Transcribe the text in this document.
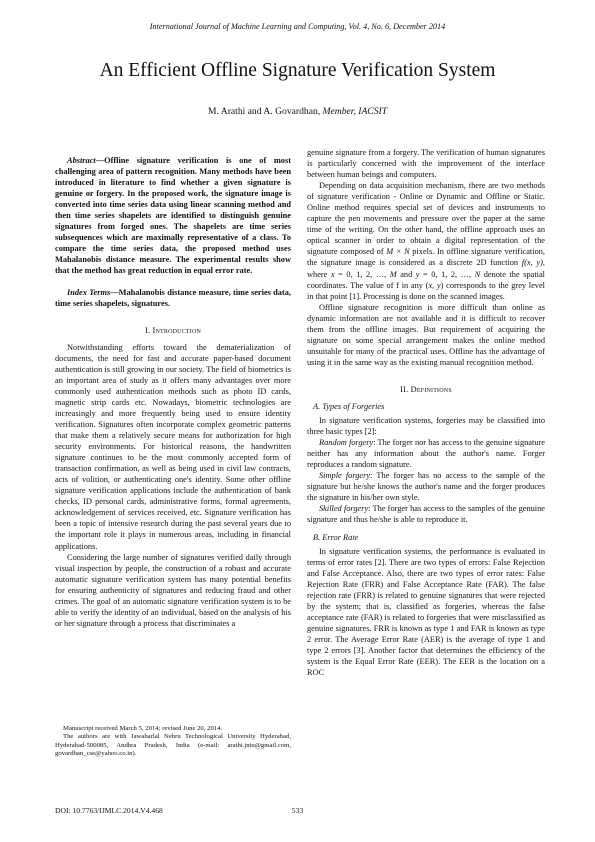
International Journal of Machine Learning and Computing, Vol. 4, No. 6, December 2014
An Efficient Offline Signature Verification System
M. Arathi and A. Govardhan, Member, IACSIT

Abstract—Offline signature verification is one of most challenging area of pattern recognition. Many methods have been introduced in literature to find whether a given signature is genuine or forgery. In the proposed work, the signature image is converted into time series data using linear scanning method and then time series shapelets are identified to distinguish genuine signatures from forged ones. The shapelets are time series subsequences which are maximally representative of a class. To compare the time series data, the proposed method uses Mahalanobis distance measure. The experimental results show that the method has great reduction in equal error rate.

Index Terms—Mahalanobis distance measure, time series data, time series shapelets, signatures.

I. Introduction

Notwithstanding efforts toward the dematerialization of documents, the need for fast and accurate paper-based document authentication is still growing in our society. The field of biometrics is an important area of study as it offers many advantages over more commonly used authentication methods such as photo ID cards, magnetic strip cards etc. Nowadays, biometric technologies are increasingly and more frequently being used to ensure identity verification. Signatures often incorporate complex geometric patterns that make them a relatively secure means for authorization for high security environments. For historical reasons, the handwritten signature continues to be the most commonly accepted form of transaction confirmation, as well as being used in civil law contracts, acts of volition, or authenticating one's identity. Some other offline signature verification applications include the authentication of bank checks, ID personal cards, administrative forms, formal agreements, acknowledgement of services received, etc. Signature verification has been a topic of intensive research during the past several years due to the important role it plays in numerous areas, including in financial applications.

Considering the large number of signatures verified daily through visual inspection by people, the construction of a robust and accurate automatic signature verification system has many potential benefits for ensuring authenticity of signatures and reducing fraud and other crimes. The goal of an automatic signature verification system is to be able to verify the identity of an individual, based on the analysis of his or her signature through a process that discriminates a

genuine signature from a forgery. The verification of human signatures is particularly concerned with the improvement of the interface between human beings and computers.

Depending on data acquisition mechanism, there are two methods of signature verification - Online or Dynamic and Offline or Static. Online method requires special set of devices and instruments to capture the pen movements and pressure over the paper at the same time of the writing. On the other hand, the offline approach uses an optical scanner in order to obtain a digital representation of the signature composed of M × N pixels. In offline signature verification, the signature image is considered as a discrete 2D function f(x, y), where x = 0, 1, 2, …, M and y = 0, 1, 2, …, N denote the spatial coordinates. The value of f in any (x, y) corresponds to the grey level in that point [1]. Processing is done on the scanned images.

Offline signature recognition is more difficult than online as dynamic information are not available and it is difficult to recover them from the offline images. But requirement of acquiring the signature on some special arrangement makes the online method unsuitable for many of the practical uses. Offline has the advantage of using it in the same way as the existing manual recognition method.

II. Definitions
A. Types of Forgeries

In signature verification systems, forgeries may be classified into three basic types [2]:

Random forgery: The forger nor has access to the genuine signature neither has any information about the author's name. Forger reproduces a random signature.

Simple forgery: The forger has no access to the sample of the signature but he/she knows the author's name and the forger produces the signature in his/her own style.

Skilled forgery: The forger has access to the samples of the genuine signature and thus he/she is able to reproduce it.

B. Error Rate

In signature verification systems, the performance is evaluated in terms of error rates [2]. There are two types of errors: False Rejection and False Acceptance. Also, there are two types of error rates: False Rejection Rate (FRR) and False Acceptance Rate (FAR). The false rejection rate (FRR) is related to genuine signatures that were rejected by the system; that is, classified as forgeries, whereas the false acceptance rate (FAR) is related to forgeries that were misclassified as genuine signatures. FRR is known as type 1 and FAR is known as type 2 error. The Average Error Rate (AER) is the average of type 1 and type 2 errors [3]. Another factor that determines the efficiency of the system is the Equal Error Rate (EER). The EER is the location on a ROC

Manuscript received March 5, 2014; revised June 20, 2014.

The authors are with Jawaharlal Nehru Technological University Hyderabad, Hyderabad-500085, Andhra Pradesh, India (e-mail: arathi.jntu@gmail.com, govardhan_cse@yahoo.co.in).

DOI: 10.7763/IJMLC.2014.V4.468	533
